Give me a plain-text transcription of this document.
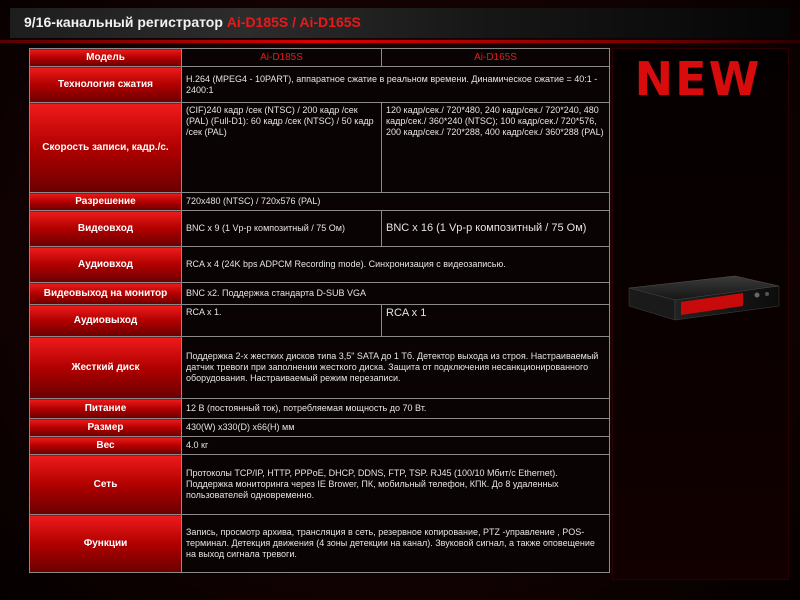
9/16-канальный регистратор Ai-D185S / Ai-D165S
Модель	Ai-D185S	Ai-D165S
Технология сжатия	H.264 (MPEG4 - 10PART), аппаратное сжатие в реальном времени. Динамическое сжатие = 40:1 - 2400:1	
Скорость записи, кадр./с.	(CIF)240 кадр /сек (NTSC) / 200 кадр /сек (PAL) (Full-D1): 60 кадр /сек (NTSC) / 50 кадр /сек (PAL)	120 кадр/сек./ 720*480, 240 кадр/сек./ 720*240, 480 кадр/сек./ 360*240 (NTSC); 100 кадр/сек./ 720*576, 200 кадр/сек./ 720*288, 400 кадр/сек./ 360*288 (PAL)
Разрешение	720x480 (NTSC) / 720x576 (PAL)	
Видеовход	BNC x 9 (1 Vp-p композитный / 75 Ом)	BNC x 16 (1 Vp-p композитный / 75 Ом)
Аудиовход	RCA x 4 (24K bps ADPCM Recording mode). Синхронизация с видеозаписью.	
Видеовыход на монитор	BNC x2. Поддержка стандарта D-SUB VGA	
Аудиовыход	RCA x 1.	RCA x 1
Жесткий диск	Поддержка 2-х жестких дисков типа 3,5" SATA до 1 Тб. Детектор выхода из строя. Настраиваемый датчик тревоги при заполнении жесткого диска. Защита от подключения несанкционированного оборудования. Настраиваемый режим перезаписи.	
Питание	12 В (постоянный ток), потребляемая мощность до 70 Вт.	
Размер	430(W) x330(D) x66(H) мм	
Вес	4.0 кг	
Сеть	Протоколы TCP/IP, HTTP, PPPoE, DHCP, DDNS, FTP, TSP. RJ45 (100/10 Мбит/с Ethernet). Поддержка мониторинга через IE Brower, ПК, мобильный телефон, КПК. До 8 удаленных пользователей одновременно.	
Функции	Запись, просмотр архива, трансляция в сеть, резервное копирование, PTZ -управление , POS-терминал. Детекция движения (4 зоны детекции на канал). Звуковой сигнал, а также оповещение на выход сигнала тревоги.	
NEW
